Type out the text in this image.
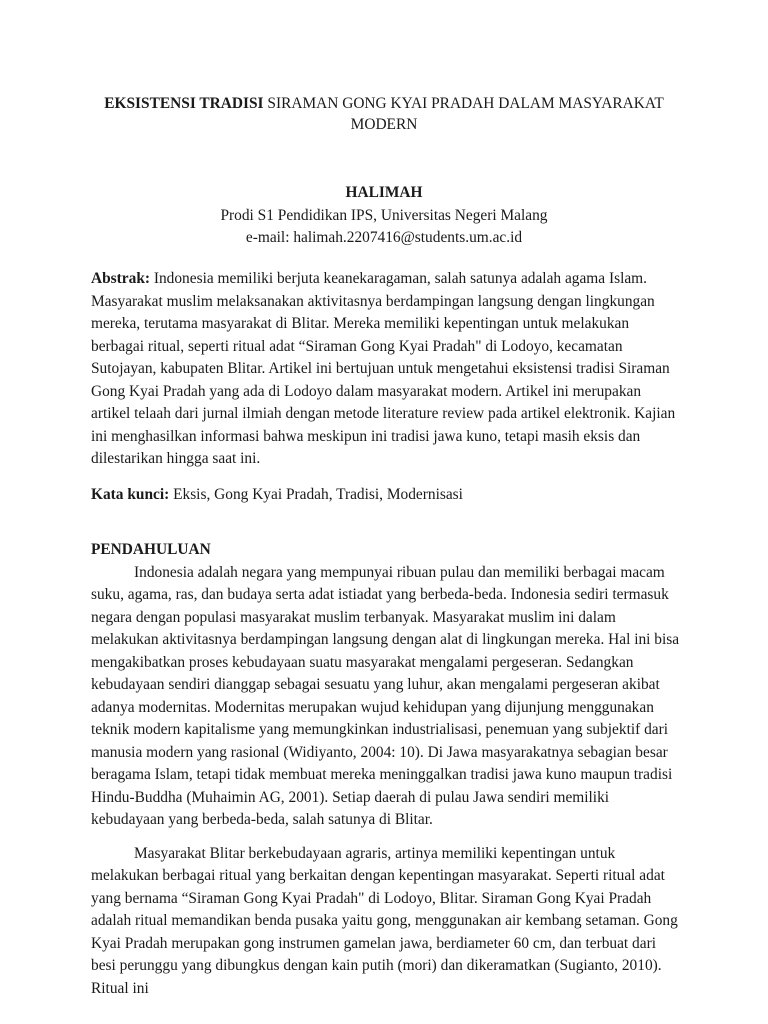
EKSISTENSI TRADISI SIRAMAN GONG KYAI PRADAH DALAM MASYARAKAT MODERN
HALIMAH
Prodi S1 Pendidikan IPS, Universitas Negeri Malang
e-mail: halimah.2207416@students.um.ac.id

Abstrak: Indonesia memiliki berjuta keanekaragaman, salah satunya adalah agama Islam. Masyarakat muslim melaksanakan aktivitasnya berdampingan langsung dengan lingkungan mereka, terutama masyarakat di Blitar. Mereka memiliki kepentingan untuk melakukan berbagai ritual, seperti ritual adat “Siraman Gong Kyai Pradah" di Lodoyo, kecamatan Sutojayan, kabupaten Blitar. Artikel ini bertujuan untuk mengetahui eksistensi tradisi Siraman Gong Kyai Pradah yang ada di Lodoyo dalam masyarakat modern. Artikel ini merupakan artikel telaah dari jurnal ilmiah dengan metode literature review pada artikel elektronik. Kajian ini menghasilkan informasi bahwa meskipun ini tradisi jawa kuno, tetapi masih eksis dan dilestarikan hingga saat ini.

Kata kunci: Eksis, Gong Kyai Pradah, Tradisi, Modernisasi

PENDAHULUAN

Indonesia adalah negara yang mempunyai ribuan pulau dan memiliki berbagai macam suku, agama, ras, dan budaya serta adat istiadat yang berbeda-beda. Indonesia sediri termasuk negara dengan populasi masyarakat muslim terbanyak. Masyarakat muslim ini dalam melakukan aktivitasnya berdampingan langsung dengan alat di lingkungan mereka. Hal ini bisa mengakibatkan proses kebudayaan suatu masyarakat mengalami pergeseran. Sedangkan kebudayaan sendiri dianggap sebagai sesuatu yang luhur, akan mengalami pergeseran akibat adanya modernitas. Modernitas merupakan wujud kehidupan yang dijunjung menggunakan teknik modern kapitalisme yang memungkinkan industrialisasi, penemuan yang subjektif dari manusia modern yang rasional (Widiyanto, 2004: 10). Di Jawa masyarakatnya sebagian besar beragama Islam, tetapi tidak membuat mereka meninggalkan tradisi jawa kuno maupun tradisi Hindu-Buddha (Muhaimin AG, 2001). Setiap daerah di pulau Jawa sendiri memiliki kebudayaan yang berbeda-beda, salah satunya di Blitar.

Masyarakat Blitar berkebudayaan agraris, artinya memiliki kepentingan untuk melakukan berbagai ritual yang berkaitan dengan kepentingan masyarakat. Seperti ritual adat yang bernama “Siraman Gong Kyai Pradah" di Lodoyo, Blitar. Siraman Gong Kyai Pradah adalah ritual memandikan benda pusaka yaitu gong, menggunakan air kembang setaman. Gong Kyai Pradah merupakan gong instrumen gamelan jawa, berdiameter 60 cm, dan terbuat dari besi perunggu yang dibungkus dengan kain putih (mori) dan dikeramatkan (Sugianto, 2010). Ritual ini
